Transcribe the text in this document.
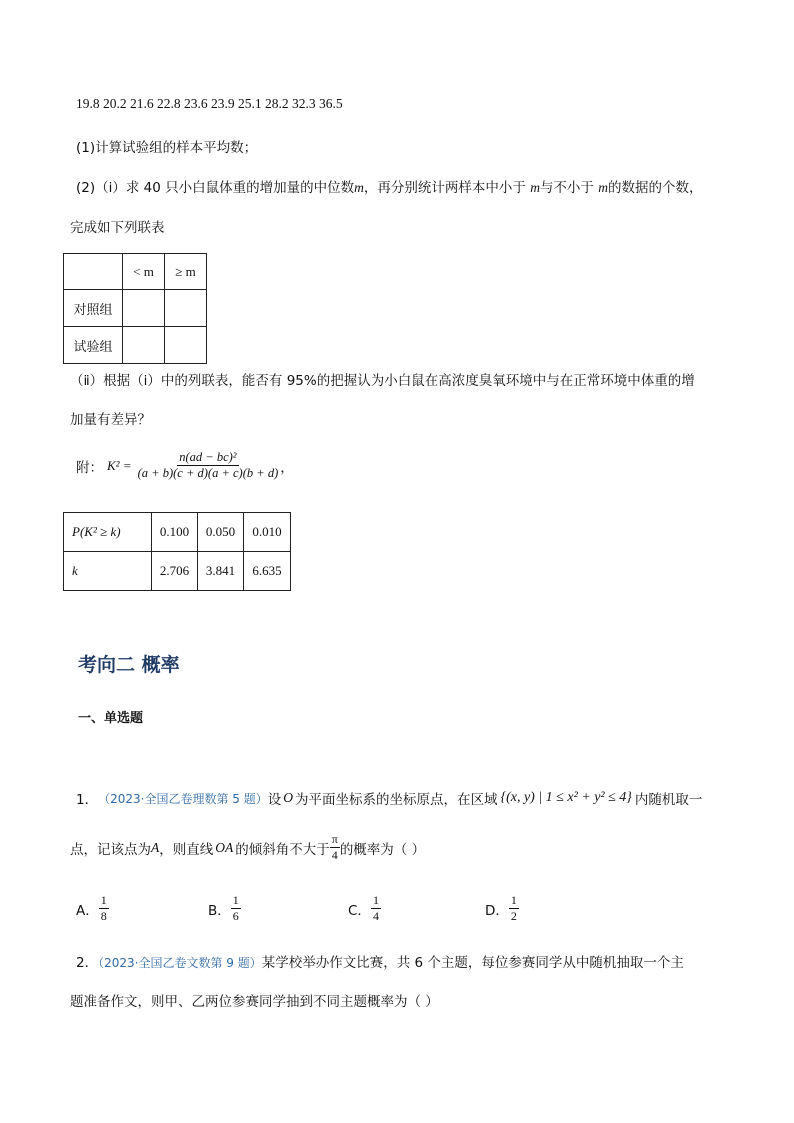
19.8 20.2 21.6 22.8 23.6 23.9 25.1 28.2 32.3 36.5
(1)计算试验组的样本平均数；
(2)（ⅰ）求 40 只小白鼠体重的增加量的中位数m，再分别统计两样本中小于 m与不小于 m的数据的个数，
完成如下列联表
	< m	≥ m
对照组		
试验组		
（ⅱ）根据（i）中的列联表，能否有 95%的把握认为小白鼠在高浓度臭氧环境中与在正常环境中体重的增
加量有差异？
附： $K^2 = \frac{\text{n(ad − bc)²}}{(a + b)(c + d)(a + c)(b + d)}$ ，
P(K² ≥ k)	0.100	0.050	0.010
k	2.706	3.841	6.635
考向二 概率
一、单选题
1． （2023·全国乙卷理数第 5 题） 设 O 为平面坐标系的坐标原点，在区域 {(x, y) | 1 ≤ x² + y² ≤ 4} 内随机取一
点，记该点为 A ，则直线 OA 的倾斜角不大于 $\frac{\pi}{4}$ 的概率为（ ）
A． $\frac{1}{8}$	B． $\frac{1}{6}$	C． $\frac{1}{4}$	D． $\frac{1}{2}$
2．（2023·全国乙卷文数第 9 题）某学校举办作文比赛，共 6 个主题，每位参赛同学从中随机抽取一个主
题准备作文，则甲、乙两位参赛同学抽到不同主题概率为（ ）
